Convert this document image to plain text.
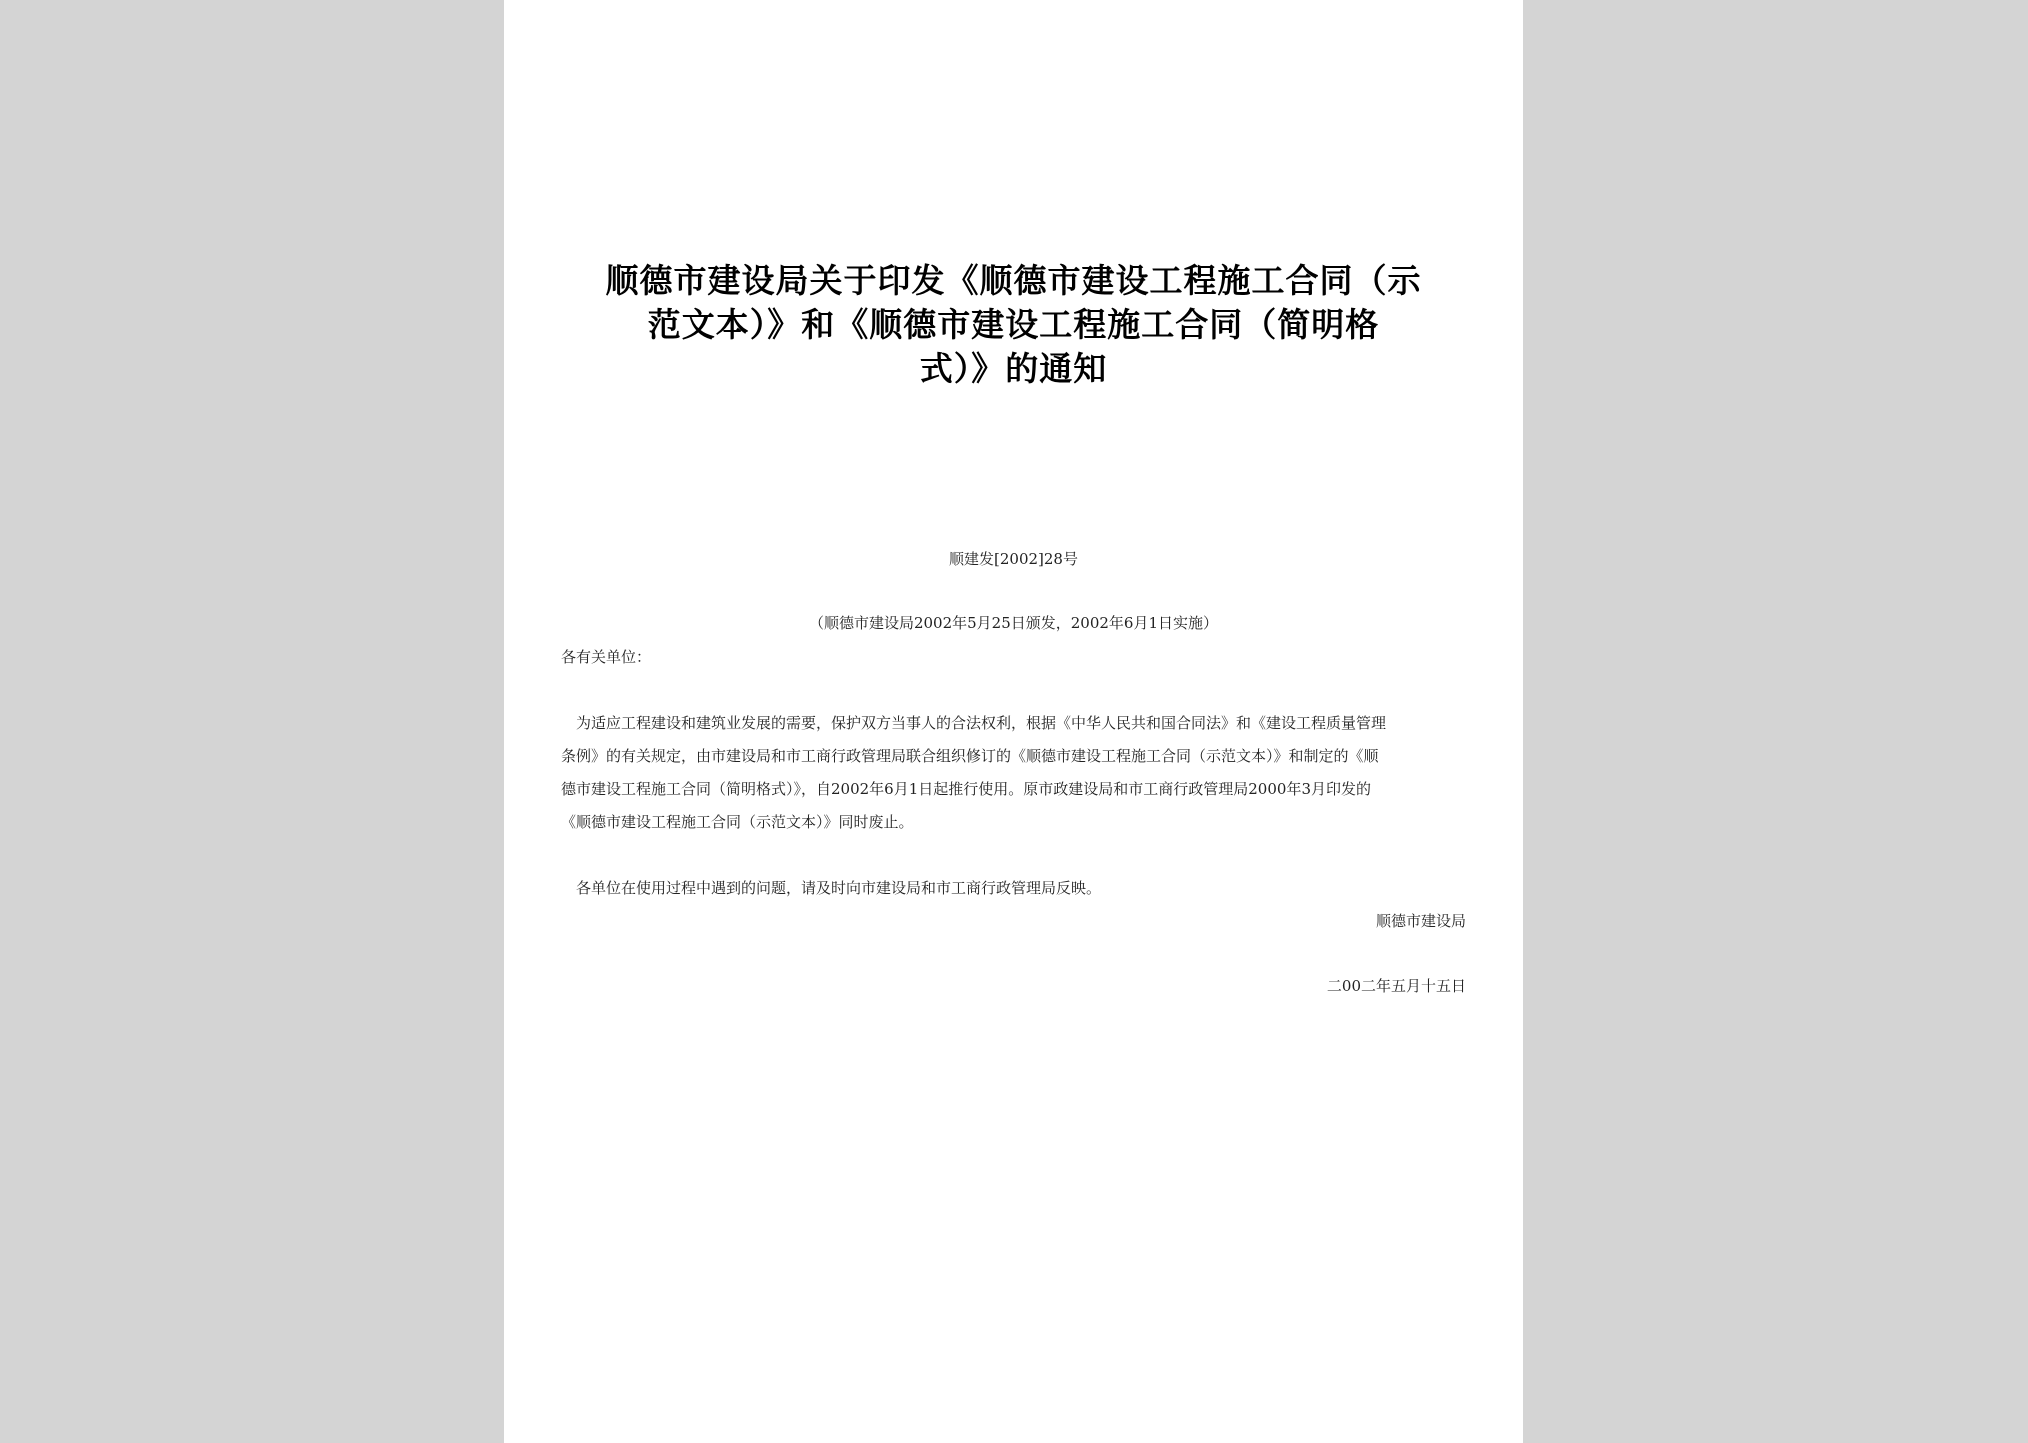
顺德市建设局关于印发《顺德市建设工程施工合同（示
范文本）》和《顺德市建设工程施工合同（简明格
式）》的通知
顺建发[2002]28号
（顺德市建设局2002年5月25日颁发，2002年6月1日实施）
各有关单位：
为适应工程建设和建筑业发展的需要，保护双方当事人的合法权利，根据《中华人民共和国合同法》和《建设工程质量管理
条例》的有关规定，由市建设局和市工商行政管理局联合组织修订的《顺德市建设工程施工合同（示范文本）》和制定的《顺
德市建设工程施工合同（简明格式）》，自2002年6月1日起推行使用。原市政建设局和市工商行政管理局2000年3月印发的
《顺德市建设工程施工合同（示范文本）》同时废止。
各单位在使用过程中遇到的问题，请及时向市建设局和市工商行政管理局反映。
顺德市建设局
二00二年五月十五日
